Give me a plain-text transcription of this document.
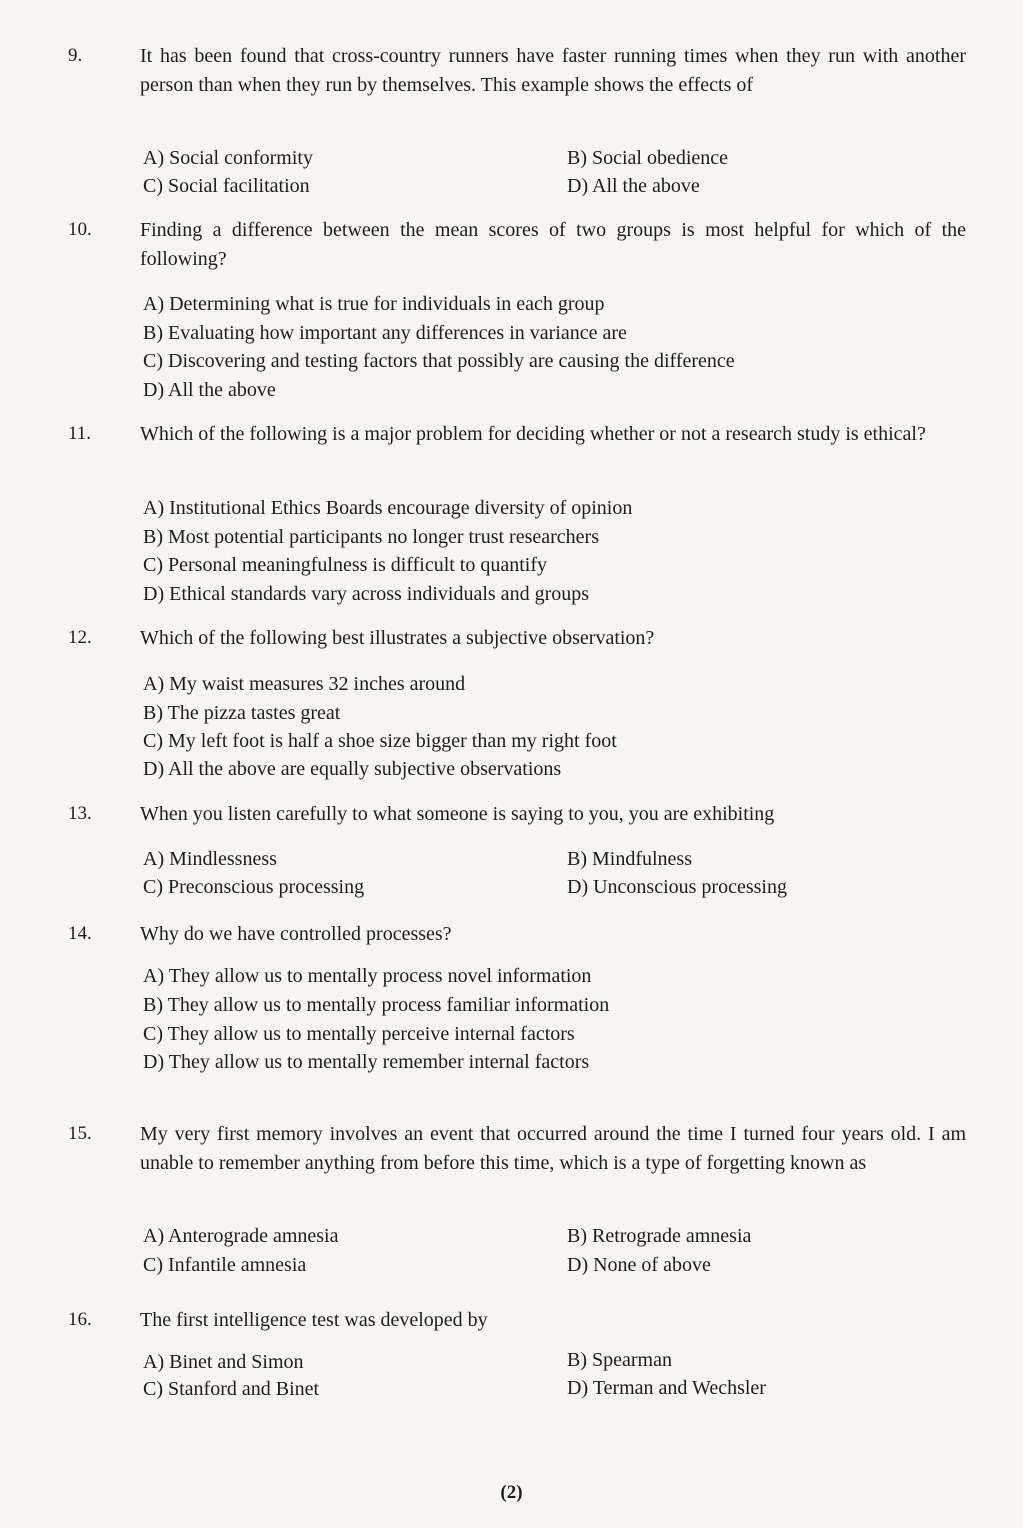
9.	It has been found that cross-country runners have faster running times when they run with another person than when they run by themselves. This example shows the effects of

A) Social conformity	B) Social obedience
C) Social facilitation	D) All the above
10. Finding a difference between the mean scores of two groups is most helpful for which of the following?

A) Determining what is true for individuals in each group
B) Evaluating how important any differences in variance are
C) Discovering and testing factors that possibly are causing the difference
D) All the above
11. Which of the following is a major problem for deciding whether or not a research study is ethical?

A) Institutional Ethics Boards encourage diversity of opinion
B) Most potential participants no longer trust researchers
C) Personal meaningfulness is difficult to quantify
D) Ethical standards vary across individuals and groups
12. Which of the following best illustrates a subjective observation?

A) My waist measures 32 inches around
B) The pizza tastes great
C) My left foot is half a shoe size bigger than my right foot
D) All the above are equally subjective observations
13. When you listen carefully to what someone is saying to you, you are exhibiting

A) Mindlessness	B) Mindfulness
C) Preconscious processing	D) Unconscious processing
14. Why do we have controlled processes?

A) They allow us to mentally process novel information
B) They allow us to mentally process familiar information
C) They allow us to mentally perceive internal factors
D) They allow us to mentally remember internal factors
15. My very first memory involves an event that occurred around the time I turned four years old. I am unable to remember anything from before this time, which is a type of forgetting known as

A) Anterograde amnesia	B) Retrograde amnesia
C) Infantile amnesia	D) None of above
16. The first intelligence test was developed by

A) Binet and Simon	B) Spearman
C) Stanford and Binet	D) Terman and Wechsler
(2)
